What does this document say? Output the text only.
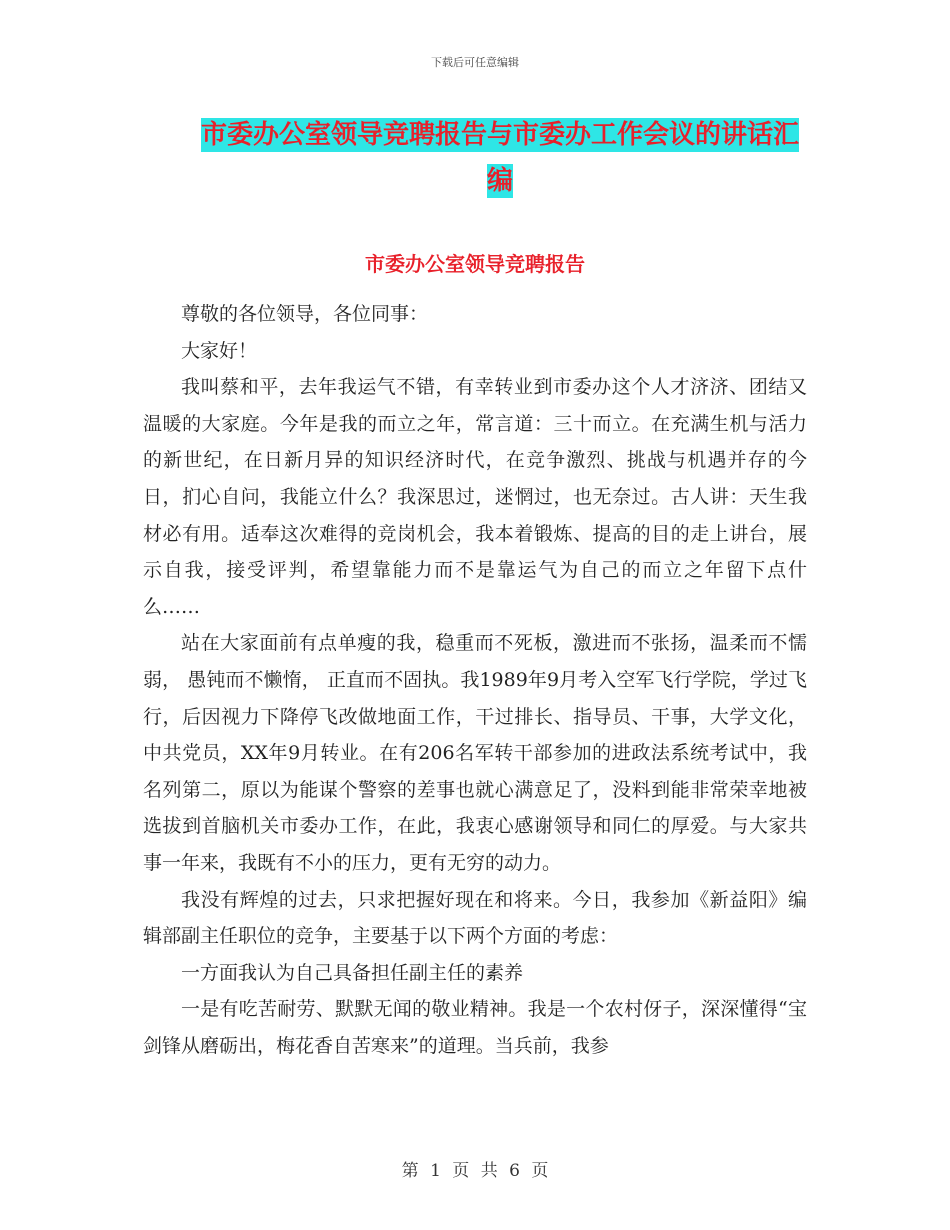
下载后可任意编辑
市委办公室领导竞聘报告与市委办工作会议的讲话汇编
市委办公室领导竞聘报告

尊敬的各位领导，各位同事：

大家好！

我叫蔡和平，去年我运气不错，有幸转业到市委办这个人才济济、团结又温暖的大家庭。今年是我的而立之年，常言道：三十而立。在充满生机与活力的新世纪，在日新月异的知识经济时代，在竞争激烈、挑战与机遇并存的今日，扪心自问，我能立什么？我深思过，迷惘过，也无奈过。古人讲：天生我材必有用。适奉这次难得的竞岗机会，我本着锻炼、提高的目的走上讲台，展示自我，接受评判，希望靠能力而不是靠运气为自己的而立之年留下点什么……

站在大家面前有点单瘦的我，稳重而不死板，激进而不张扬，温柔而不懦弱， 愚钝而不懒惰， 正直而不固执。我1989年9月考入空军飞行学院，学过飞行，后因视力下降停飞改做地面工作，干过排长、指导员、干事，大学文化，中共党员，XX年9月转业。在有206名军转干部参加的进政法系统考试中，我名列第二，原以为能谋个警察的差事也就心满意足了，没料到能非常荣幸地被选拔到首脑机关市委办工作，在此，我衷心感谢领导和同仁的厚爱。与大家共事一年来，我既有不小的压力，更有无穷的动力。

我没有辉煌的过去，只求把握好现在和将来。今日，我参加《新益阳》编辑部副主任职位的竞争，主要基于以下两个方面的考虑：

一方面我认为自己具备担任副主任的素养

一是有吃苦耐劳、默默无闻的敬业精神。我是一个农村伢子，深深懂得“宝剑锋从磨砺出，梅花香自苦寒来”的道理。当兵前，我参

第 1 页 共 6 页
